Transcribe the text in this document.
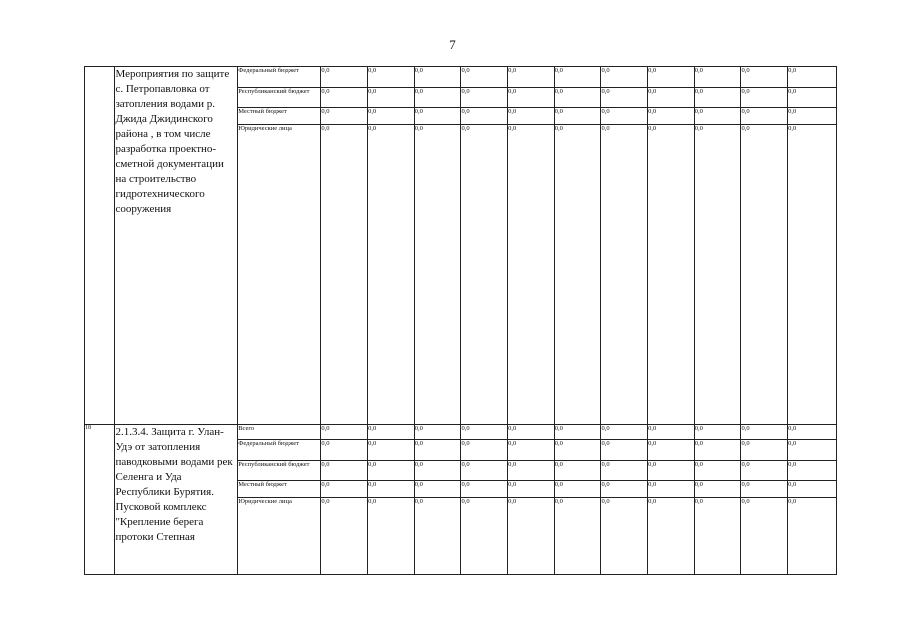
7
	Мероприятия по защите с. Петропавловка от затопления водами р. Джида Джидинского района , в том числе разработка проектно-сметной документации на строительство гидротехнического сооружения	Федеральный бюджет	0,0	0,0	0,0	0,0	0,0	0,0	0,0	0,0	0,0	0,0	0,0
		Республиканский бюджет	0,0	0,0	0,0	0,0	0,0	0,0	0,0	0,0	0,0	0,0	0,0
		Местный бюджет	0,0	0,0	0,0	0,0	0,0	0,0	0,0	0,0	0,0	0,0	0,0
		Юридические лица	0,0	0,0	0,0	0,0	0,0	0,0	0,0	0,0	0,0	0,0	0,0
18	2.1.3.4. Защита г. Улан-Удэ от затопления паводковыми водами рек Селенга и Уда Республики Бурятия. Пусковой комплекс "Крепление берега протоки Степная	Всего	0,0	0,0	0,0	0,0	0,0	0,0	0,0	0,0	0,0	0,0	0,0
		Федеральный бюджет	0,0	0,0	0,0	0,0	0,0	0,0	0,0	0,0	0,0	0,0	0,0
		Республиканский бюджет	0,0	0,0	0,0	0,0	0,0	0,0	0,0	0,0	0,0	0,0	0,0
		Местный бюджет	0,0	0,0	0,0	0,0	0,0	0,0	0,0	0,0	0,0	0,0	0,0
		Юридические лица	0,0	0,0	0,0	0,0	0,0	0,0	0,0	0,0	0,0	0,0	0,0
